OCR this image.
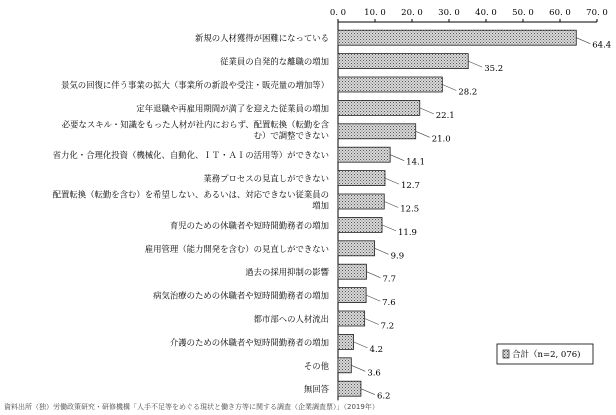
0. 0 10. 0 20. 0 30. 0 40. 0 50. 0 60. 0 70. 0
新規の人材獲得が困難になっている
従業員の自発的な離職の増加
景気の回復に伴う事業の拡大（事業所の新設や受注・販売量の増加等）
定年退職や再雇用期間が満了を迎えた従業員の増加
必要なスキル・知識をもった人材が社内におらず、配置転換（転勤を含
む）で調整できない
省力化・合理化投資（機械化、自動化、ＩＴ・ＡＩの活用等）ができない
業務プロセスの見直しができない
配置転換（転勤を含む）を希望しない、あるいは、対応できない従業員の
増加
育児のための休職者や短時間勤務者の増加
雇用管理（能力開発を含む）の見直しができない
過去の採用抑制の影響
病気治療のための休職者や短時間勤務者の増加
都市部への人材流出
介護のための休職者や短時間勤務者の増加
その他
無回答
64.4
35.2
28.2
22.1
21.0
14.1
12.7
12.5
11.9
9.9
7.7
7.6
7.2
4.2
3.6
6.2
合計（n=2, 076)
資料出所（独）労働政策研究・研修機構「人手不足等をめぐる現状と働き方等に関する調査（企業調査票）」（2019年）
